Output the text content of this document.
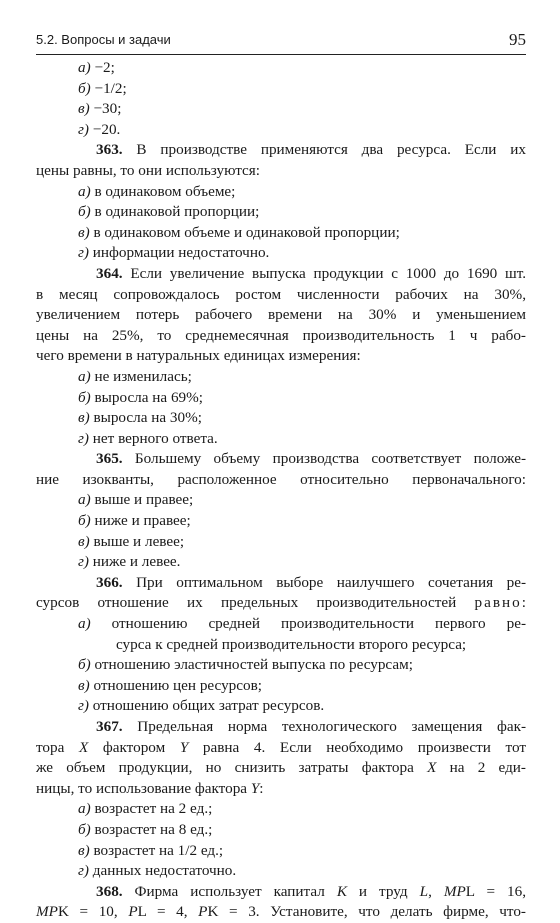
5.2. Вопросы и задачи	95
а) −2;
б) −1/2;
в) −30;
г) −20.
363. В производстве применяются два ресурса. Если их
цены равны, то они используются:
а) в одинаковом объеме;
б) в одинаковой пропорции;
в) в одинаковом объеме и одинаковой пропорции;
г) информации недостаточно.
364. Если увеличение выпуска продукции с 1000 до 1690 шт.
в месяц сопровождалось ростом численности рабочих на 30%,
увеличением потерь рабочего времени на 30% и уменьшением
цены на 25%, то среднемесячная производительность 1 ч рабо-
чего времени в натуральных единицах измерения:
а) не изменилась;
б) выросла на 69%;
в) выросла на 30%;
г) нет верного ответа.
365. Большему объему производства соответствует положе-
ние изокванты, расположенное относительно первоначального:
а) выше и правее;
б) ниже и правее;
в) выше и левее;
г) ниже и левее.
366. При оптимальном выборе наилучшего сочетания ре-
сурсов отношение их предельных производительностей равно:
а) отношению средней производительности первого ре-
сурса к средней производительности второго ресурса;
б) отношению эластичностей выпуска по ресурсам;
в) отношению цен ресурсов;
г) отношению общих затрат ресурсов.
367. Предельная норма технологического замещения фак-
тора X фактором Y равна 4. Если необходимо произвести тот
же объем продукции, но снизить затраты фактора X на 2 еди-
ницы, то использование фактора Y:
а) возрастет на 2 ед.;
б) возрастет на 8 ед.;
в) возрастет на 1/2 ед.;
г) данных недостаточно.
368. Фирма использует капитал K и труд L, MPL = 16,
MPK = 10, PL = 4, PK = 3. Установите, что делать фирме, что-
